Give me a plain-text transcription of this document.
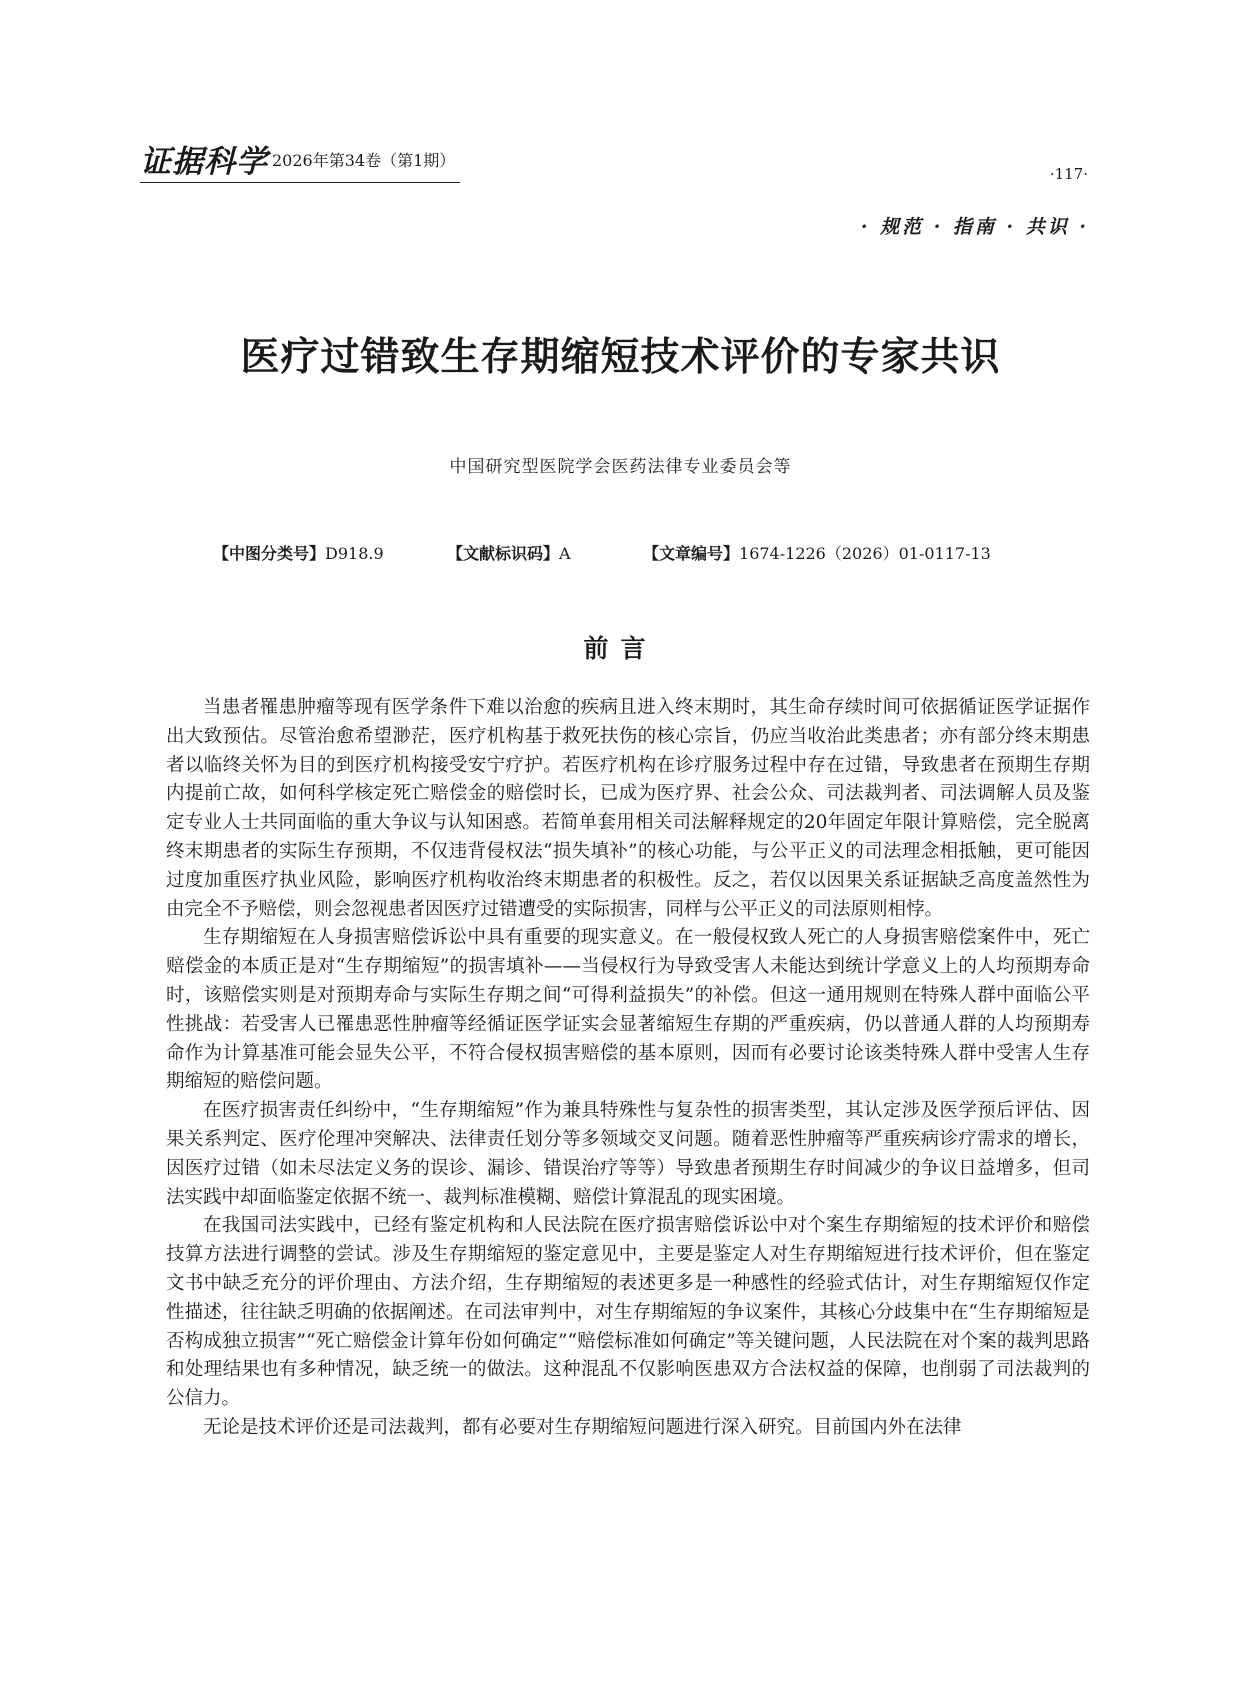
证据科学 2026年第34卷（第1期）
·117·
· 规范 · 指南 · 共识 ·
医疗过错致生存期缩短技术评价的专家共识
中国研究型医院学会医药法律专业委员会等
【中图分类号】D918.9	【文献标识码】A	【文章编号】1674-1226（2026）01-0117-13
前言

当患者罹患肿瘤等现有医学条件下难以治愈的疾病且进入终末期时，其生命存续时间可依据循证医学证据作出大致预估。尽管治愈希望渺茫，医疗机构基于救死扶伤的核心宗旨，仍应当收治此类患者；亦有部分终末期患者以临终关怀为目的到医疗机构接受安宁疗护。若医疗机构在诊疗服务过程中存在过错，导致患者在预期生存期内提前亡故，如何科学核定死亡赔偿金的赔偿时长，已成为医疗界、社会公众、司法裁判者、司法调解人员及鉴定专业人士共同面临的重大争议与认知困惑。若简单套用相关司法解释规定的20年固定年限计算赔偿，完全脱离终末期患者的实际生存预期，不仅违背侵权法“损失填补”的核心功能，与公平正义的司法理念相抵触，更可能因过度加重医疗执业风险，影响医疗机构收治终末期患者的积极性。反之，若仅以因果关系证据缺乏高度盖然性为由完全不予赔偿，则会忽视患者因医疗过错遭受的实际损害，同样与公平正义的司法原则相悖。

生存期缩短在人身损害赔偿诉讼中具有重要的现实意义。在一般侵权致人死亡的人身损害赔偿案件中，死亡赔偿金的本质正是对“生存期缩短”的损害填补——当侵权行为导致受害人未能达到统计学意义上的人均预期寿命时，该赔偿实则是对预期寿命与实际生存期之间“可得利益损失”的补偿。但这一通用规则在特殊人群中面临公平性挑战：若受害人已罹患恶性肿瘤等经循证医学证实会显著缩短生存期的严重疾病，仍以普通人群的人均预期寿命作为计算基准可能会显失公平，不符合侵权损害赔偿的基本原则，因而有必要讨论该类特殊人群中受害人生存期缩短的赔偿问题。

在医疗损害责任纠纷中，“生存期缩短”作为兼具特殊性与复杂性的损害类型，其认定涉及医学预后评估、因果关系判定、医疗伦理冲突解决、法律责任划分等多领域交叉问题。随着恶性肿瘤等严重疾病诊疗需求的增长，因医疗过错（如未尽法定义务的误诊、漏诊、错误治疗等等）导致患者预期生存时间减少的争议日益增多，但司法实践中却面临鉴定依据不统一、裁判标准模糊、赔偿计算混乱的现实困境。

在我国司法实践中，已经有鉴定机构和人民法院在医疗损害赔偿诉讼中对个案生存期缩短的技术评价和赔偿技算方法进行调整的尝试。涉及生存期缩短的鉴定意见中，主要是鉴定人对生存期缩短进行技术评价，但在鉴定文书中缺乏充分的评价理由、方法介绍，生存期缩短的表述更多是一种感性的经验式估计，对生存期缩短仅作定性描述，往往缺乏明确的依据阐述。在司法审判中，对生存期缩短的争议案件，其核心分歧集中在“生存期缩短是否构成独立损害”“死亡赔偿金计算年份如何确定”“赔偿标准如何确定”等关键问题，人民法院在对个案的裁判思路和处理结果也有多种情况，缺乏统一的做法。这种混乱不仅影响医患双方合法权益的保障，也削弱了司法裁判的公信力。

无论是技术评价还是司法裁判，都有必要对生存期缩短问题进行深入研究。目前国内外在法律
